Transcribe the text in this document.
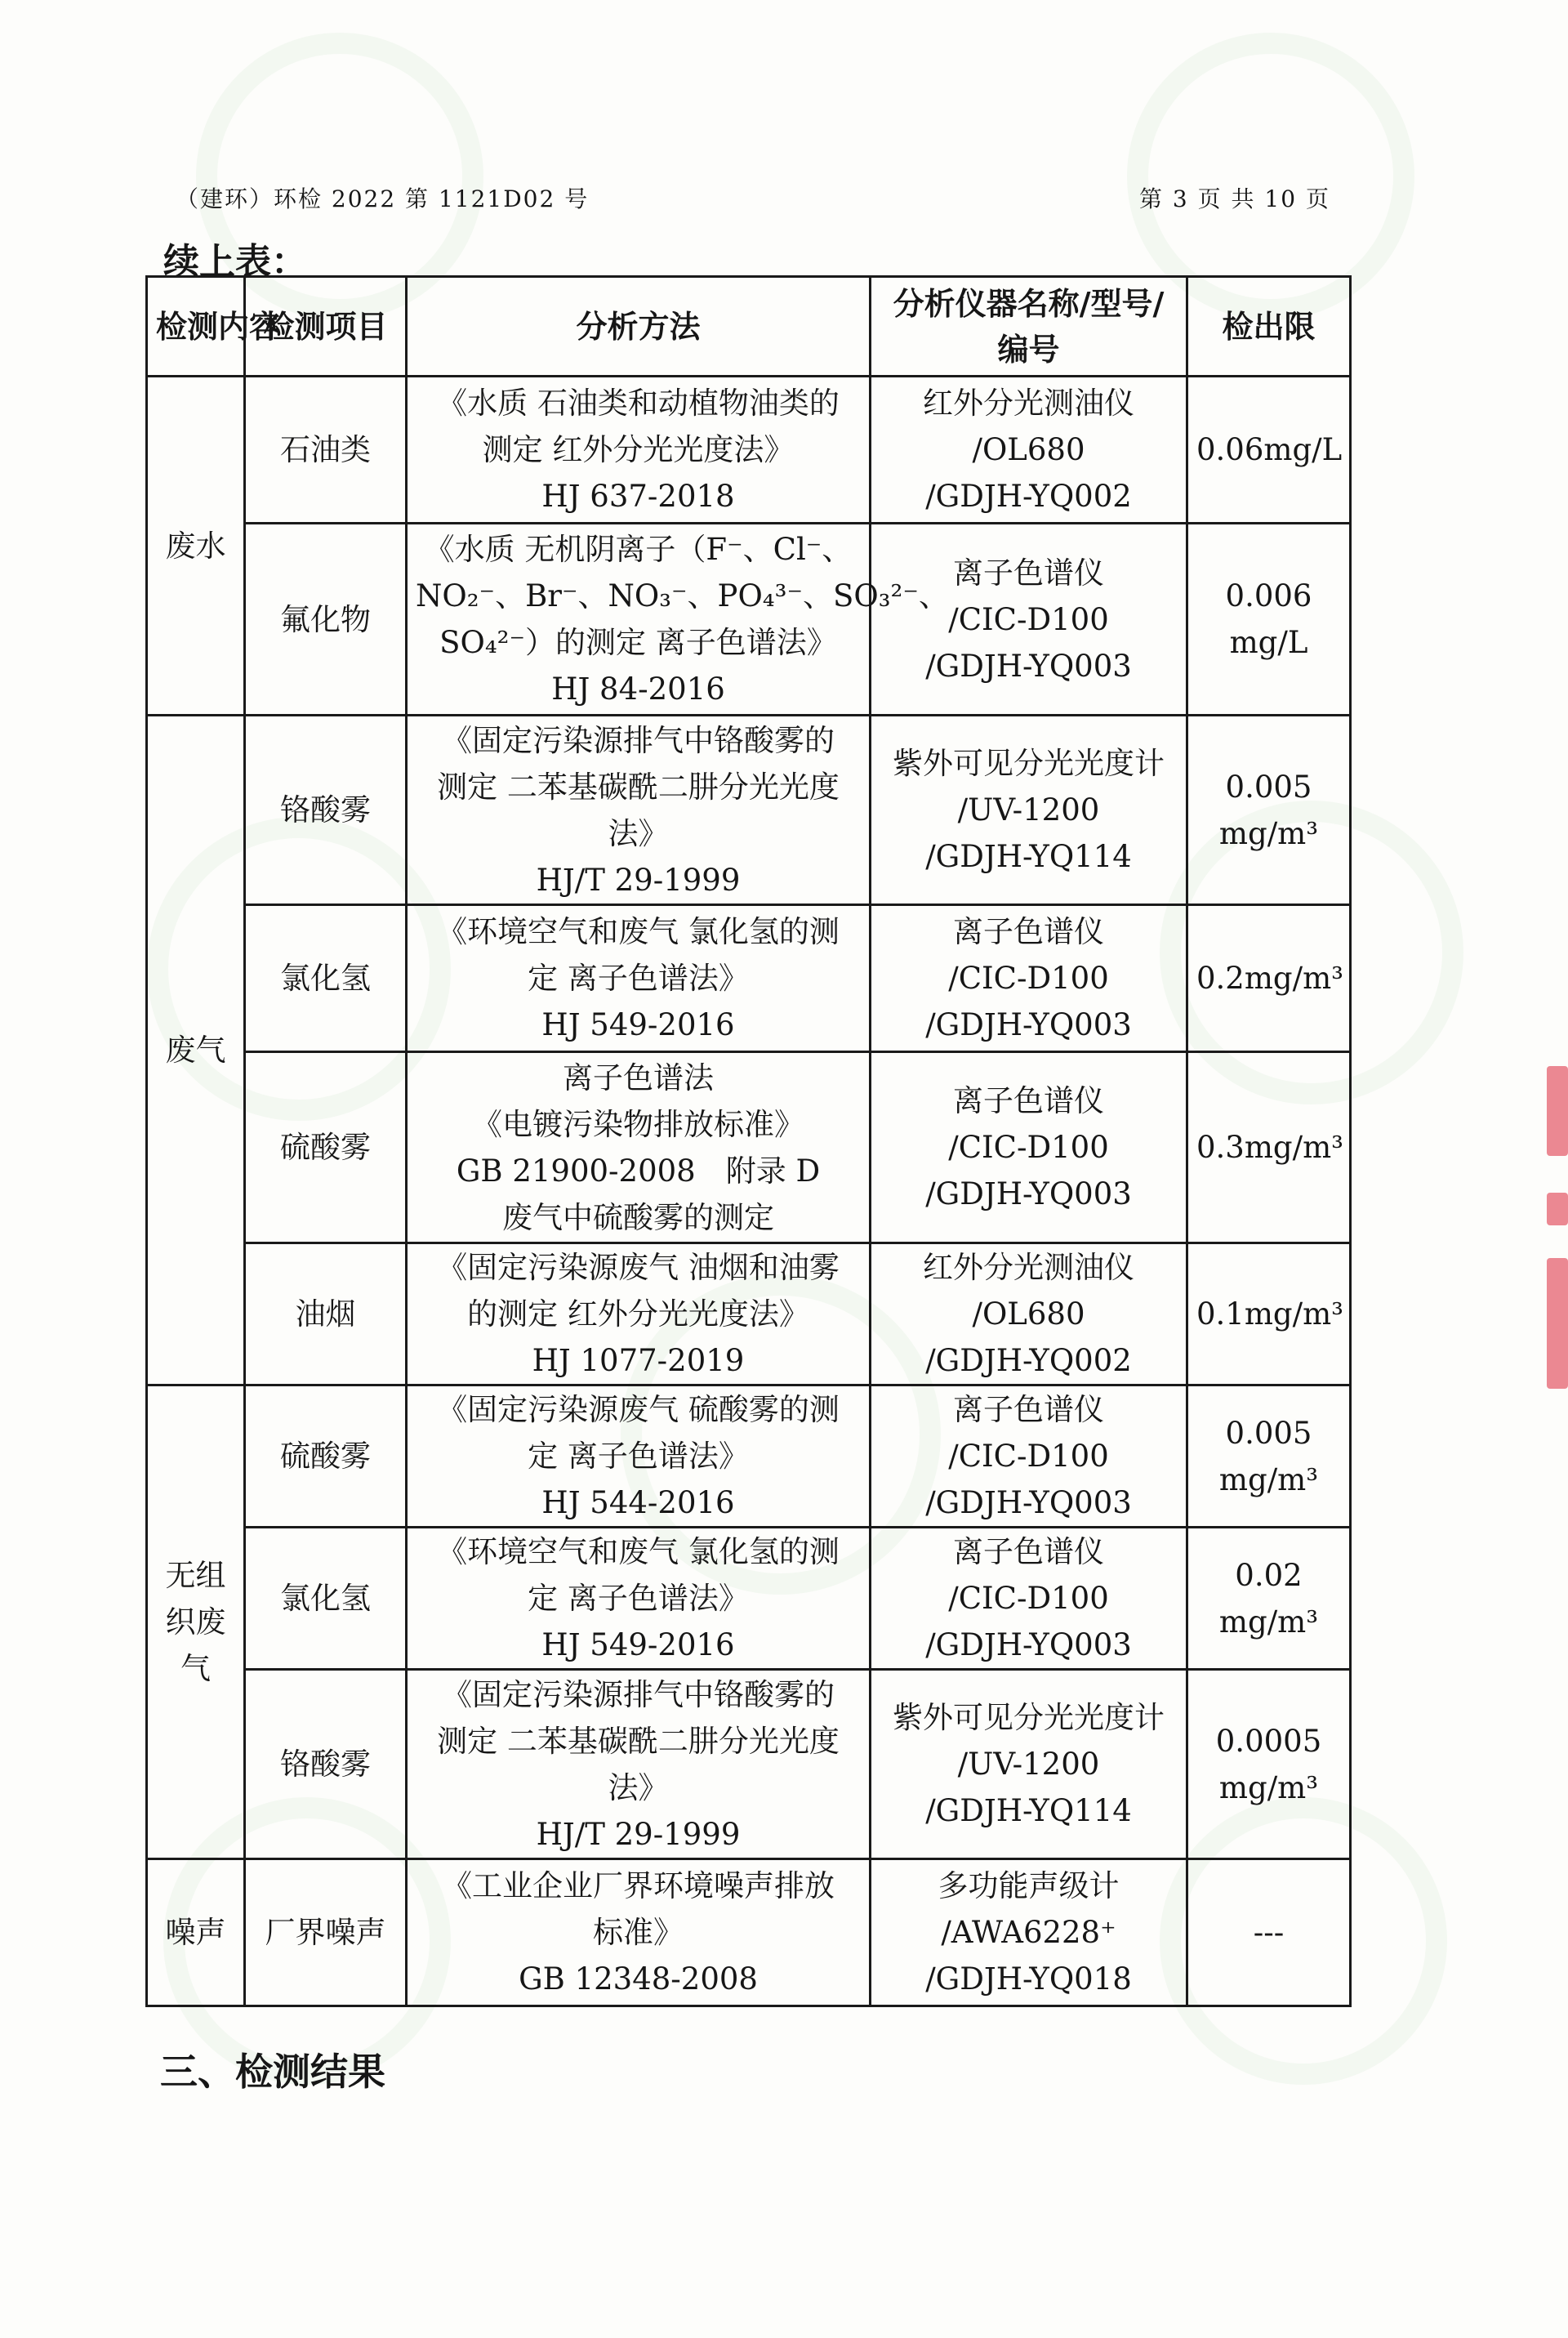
（建环）环检 2022 第 1121D02 号	第 3 页 共 10 页
续上表：
检测内容	检测项目	分析方法	分析仪器名称/型号/编号	检出限
废水	石油类	《水质 石油类和动植物油类的
测定 红外分光光度法》
HJ 637-2018	红外分光测油仪
/OL680
/GDJH-YQ002	0.06mg/L

	氟化物	《水质 无机阴离子（F⁻、Cl⁻、
NO₂⁻、Br⁻、NO₃⁻、PO₄³⁻、SO₃²⁻、
SO₄²⁻）的测定 离子色谱法》
HJ 84-2016	离子色谱仪
/CIC-D100
/GDJH-YQ003	0.006
mg/L

废气	铬酸雾	《固定污染源排气中铬酸雾的
测定 二苯基碳酰二肼分光光度
法》
HJ/T 29-1999	紫外可见分光光度计
/UV-1200
/GDJH-YQ114	0.005
mg/m³

	氯化氢	《环境空气和废气 氯化氢的测
定 离子色谱法》
HJ 549-2016	离子色谱仪
/CIC-D100
/GDJH-YQ003	0.2mg/m³

	硫酸雾	离子色谱法
《电镀污染物排放标准》
GB 21900-2008　附录 D
废气中硫酸雾的测定	离子色谱仪
/CIC-D100
/GDJH-YQ003	0.3mg/m³

	油烟	《固定污染源废气 油烟和油雾
的测定 红外分光光度法》
HJ 1077-2019	红外分光测油仪
/OL680
/GDJH-YQ002	0.1mg/m³

无组织废气	硫酸雾	《固定污染源废气 硫酸雾的测
定 离子色谱法》
HJ 544-2016	离子色谱仪
/CIC-D100
/GDJH-YQ003	0.005
mg/m³

	氯化氢	《环境空气和废气 氯化氢的测
定 离子色谱法》
HJ 549-2016	离子色谱仪
/CIC-D100
/GDJH-YQ003	0.02
mg/m³

	铬酸雾	《固定污染源排气中铬酸雾的
测定 二苯基碳酰二肼分光光度
法》
HJ/T 29-1999	紫外可见分光光度计
/UV-1200
/GDJH-YQ114	0.0005
mg/m³

噪声	厂界噪声	《工业企业厂界环境噪声排放
标准》
GB 12348-2008	多功能声级计
/AWA6228⁺
/GDJH-YQ018	---
三、检测结果
